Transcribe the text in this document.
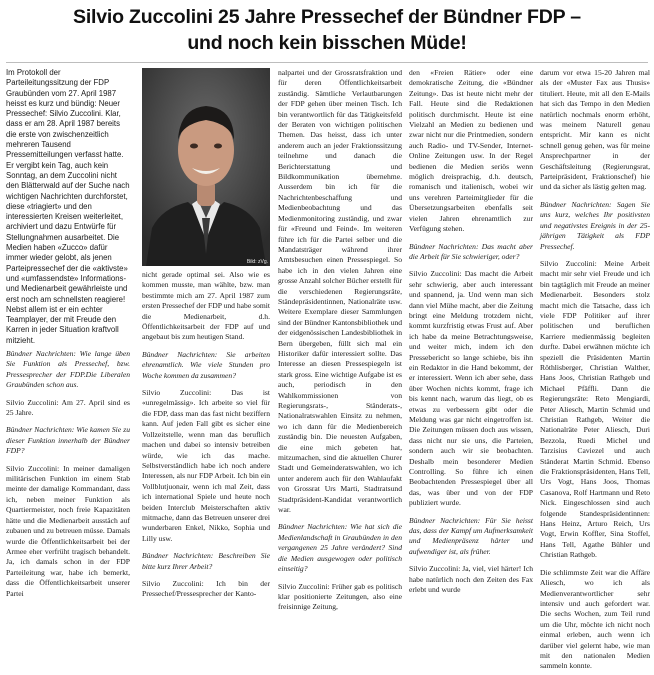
Silvio Zuccolini 25 Jahre Pressechef der Bündner FDP –
und noch kein bisschen Müde!

Im Protokoll der Parteileitungssitzung der FDP Graubünden vom 27. April 1987 heisst es kurz und bündig: Neuer Pressechef: Silvio Zuccolini. Klar, dass er am 28. April 1987 bereits die erste von zwischenzeitlich mehreren Tausend Pressemitteilungen verfasst hatte. Er vergibt kein Tag, auch kein Sonntag, an dem Zuccolini nicht den Blätterwald auf der Suche nach wichtigen Nachrichten durchforstet, diese «triagiert» und den interessierten Kreisen weiterleitet, archiviert und dazu Entwürfe für Stellungnahmen ausarbeitet. Die Medien haben «Zucco» dafür immer wieder gelobt, als jenen Parteipressechef der die «aktivste» und «umfassendste» Informations- und Medienarbeit gewährleiste und erst noch am schnellsten reagiere! Nebst allem ist er ein echter Teamplayer, der mit Freude den Karren in jeder Situation kraftvoll mitzieht.

Bündner Nachrichten: Wie lange üben Sie Funktion als Pressechef, bzw. Pressesprecher der FDP.Die Liberalen Graubünden schon aus.

Silvio Zuccolini: Am 27. April sind es 25 Jahre.

Bündner Nachrichten: Wie kamen Sie zu dieser Funktion innerhalb der Bündner FDP?

Silvio Zuccolini: In meiner damaligen militärischen Funktion im einem Stab meinte der damalige Kommandant, dass ich, neben meiner Funktion als Quartiermeister, noch freie Kapazitäten hätte und die Medienarbeit ausstäch auf zubauen und zu betreuen müsse. Damals wurde die Öffentlichkeitsarbeit bei der Armee eher verfrüht tragisch behandelt. Ja, ich damals schon in der FDP Parteileitung war, habe ich bemerkt, dass die Öffentlichkeitsarbeit unserer Partei

Bild: zVg.

nicht gerade optimal sei. Also wie es kommen musste, man wählte, bzw. man bestimmte mich am 27. April 1987 zum ersten Pressechef der FDP und habe somit die Medienarbeit, d.h. Öffentlichkeitsarbeit der FDP auf und angebaut bis zum heutigen Stand.

Bündner Nachrichten: Sie arbeiten ehrenamtlich. Wie viele Stunden pro Woche kommen da zusammen?

Silvio Zuccolini: Das ist «unregelmässig». Ich arbeite so viel für die FDP, dass man das fast nicht beziffern kann. Auf jeden Fall gibt es sicher eine Vollzeitstelle, wenn man das beruflich machen und dabei so intensiv betreiben würde, wie ich das mache. Selbstverständlich habe ich noch andere Interessen, als nur FDP Arbeit. Ich bin ein Vollblutjuonair, wenn ich mal Zeit, dass ich international Spiele und heute noch beiden Interclub Meisterschaften aktiv mitmache, dann das Betreuen unserer drei wunderbaren Enkel, Nikko, Sophia und Lilly usw.

Bündner Nachrichten: Beschreiben Sie bitte kurz Ihrer Arbeit?

Silvio Zuccolini: Ich bin der Pressechef/Pressesprecher der Kanto-

nalpartei und der Grossratsfraktion und für deren Öffentlichkeitsarbeit zuständig. Sämtliche Verlautbarungen der FDP gehen über meinen Tisch. Ich bin verantwortlich für das Tätigkeitsfeld der Beraten von wichtigen politischen Themen. Das heisst, dass ich unter anderem auch an jeder Fraktionssitzung teilnehme und danach die Berichterstattung und Bildkommunikation übernehme. Ausserdem bin ich für die Nachrichtenbeschaffung und Medienbeobachtung und das Medienmonitoring zuständig, und zwar für «Freund und Feind». Im weiteren führe ich für die Partei selber und die Mandatsträger während ihrer Amtsbesuchen einen Pressespiegel. So habe ich in den vielen Jahren eine grosse Anzahl solcher Bücher erstellt für die verschiedenen Regierungsräte, Ständepräsidentinnen, Nationalräte usw. Weitere Exemplare dieser Sammlungen sind der Bündner Kantonsbibliothek und der eidgenössischen Landesbibliothek in Bern übergeben, füllt sich mal ein Historiker dafür interessiert sollte. Das Interesse an diesen Pressespiegeln ist stark gross. Eine wichtige Aufgabe ist es auch, periodisch in den Wahlkommissionen von Regierungsrats-, Ständerats-, Nationalratswahlen Einsitz zu nehmen, wo ich dann für die Medienbereich zuständig bin. Die neuesten Aufgaben, die eine mich gebeten hat, mitzumachen, sind die aktuellen Churer Stadt und Gemeinderatswahlen, wo ich unter anderem auch für den Wahlaufakt von Grossrat Urs Marti, Stadtratsund Stadtpräsident-Kandidat verantwortlich war.

Bündner Nachrichten: Wie hat sich die Medienlandschaft in Graubünden in den vergangenen 25 Jahre verändert? Sind die Medien ausgewogen oder politisch einseitig?

Silvio Zuccolini: Früher gab es politisch klar positionierte Zeitungen, also eine freisinnige Zeitung,

den «Freien Rätier» oder eine demokratische Zeitung, die «Bündner Zeitung». Das ist heute nicht mehr der Fall. Heute sind die Redaktionen politisch durchmischt. Heute ist eine Vielzahl an Medien zu bedienen und zwar nicht nur die Printmedien, sondern auch Radio- und TV-Sender, Internet-Online Zeitungen usw. In der Regel bedienen die Medien seriös wenn möglich dreisprachig, d.h. deutsch, romanisch und italienisch, wobei wir uns verehren Parteimitglieder für die Übersetzungsarbeiten ebenfalls seit vielen Jahren ehrenamtlich zur Verfügung stehen.

Bündner Nachrichten: Das macht aber die Arbeit für Sie schwieriger, oder?

Silvio Zuccolini: Das macht die Arbeit sehr schwierig, aber auch interessant und spannend, ja. Und wenn man sich dann viel Mühe macht, aber die Zeitung bringt eine Meldung trotzdem nicht, kommt kurzfristig etwas Frust auf. Aber ich habe da meine Betrachtungsweise, und weiter mich, indem ich den Pressebericht so lange schiebe, bis ihn ein Redaktor in die Hand bekommt, der er interessiert. Wenn ich aber sehe, dass über Wochen nichts kommt, frage ich bis kennt nach, warum das liegt, ob es etwas zu verbessern gibt oder die Meldung was gar nicht eingetroffen ist. Die Zeitungen müssen doch aus wissen, dass nicht nur sie uns, die Parteien, sondern auch wir sie beobachten. Deshalb mein besonderer Medien Controlling. So führe ich einen Beobachtenden Pressespiegel über all das, was über und von der FDP publiziert wurde.

Bündner Nachrichten: Für Sie heisst das, dass der Kampf um Aufmerksamkeit und Medienpräsenz härter und aufwendiger ist, als früher.

Silvio Zuccolini: Ja, viel, viel härter! Ich habe natürlich noch den Zeiten des Fax erlebt und wurde

darum vor etwa 15-20 Jahren mal als der «Muster Fax aus Thusis» tituliert. Heute, mit all den E-Mails hat sich das Tempo in den Medien natürlich nochmals enorm erhöht, was meinem Naturell genau entspricht. Mir kann es nicht schnell genug gehen, was für meine Ansprechpartner in der Geschäftsleitung (Regierungsrat, Parteipräsident, Fraktionschef) hie und da sicher als lästig gelten mag.

Bündner Nachrichten: Sagen Sie uns kurz, welches Ihr positivsten und negativstes Ereignis in der 25-jährigen Tätigkeit als FDP Pressechef.

Silvio Zuccolini: Meine Arbeit macht mir sehr viel Freude und ich bin tagtäglich mit Freude an meiner Medienarbeit. Besonders stolz macht mich die Tatsache, dass ich viele FDP Politiker auf ihrer politischen und beruflichen Karriere medienmässig begleiten durfte. Dabei erwähnen möchte ich speziell die Präsidenten Martin Röthlisberger, Christian Walther, Hans Joos, Christian Rathgeb und Michael Pfäffli. Dann die Regierungsräte: Reto Mengiardi, Peter Aliesch, Martin Schmid und Christian Rathgeb, Weiter die Nationalräte Peter Aliesch, Duri Bezzola, Ruedi Michel und Tarzisius Caviezel und auch Ständerat Martin Schmid. Ebenso die Fraktionspräsidenten, Hans Tell, Urs Vogt, Hans Joos, Thomas Casanova, Rolf Hartmann und Reto Nick. Eingeschlossen sind auch folgende Standespräsidentinnen: Hans Heinz, Arturo Reich, Urs Vogt, Erwin Koffler, Sina Stoffel, Hans Tell, Agathe Bühler und Christian Rathgeb.

Die schlimmste Zeit war die Affäre Aliesch, wo ich als Medienverantwortlicher sehr intensiv und auch gefordert war. Die sechs Wochen, zum Teil rund um die Uhr, möchte ich nicht noch einmal erleben, auch wenn ich darüber viel gelernt habe, wie man mit den nationalen Medien sammeln konnte.
